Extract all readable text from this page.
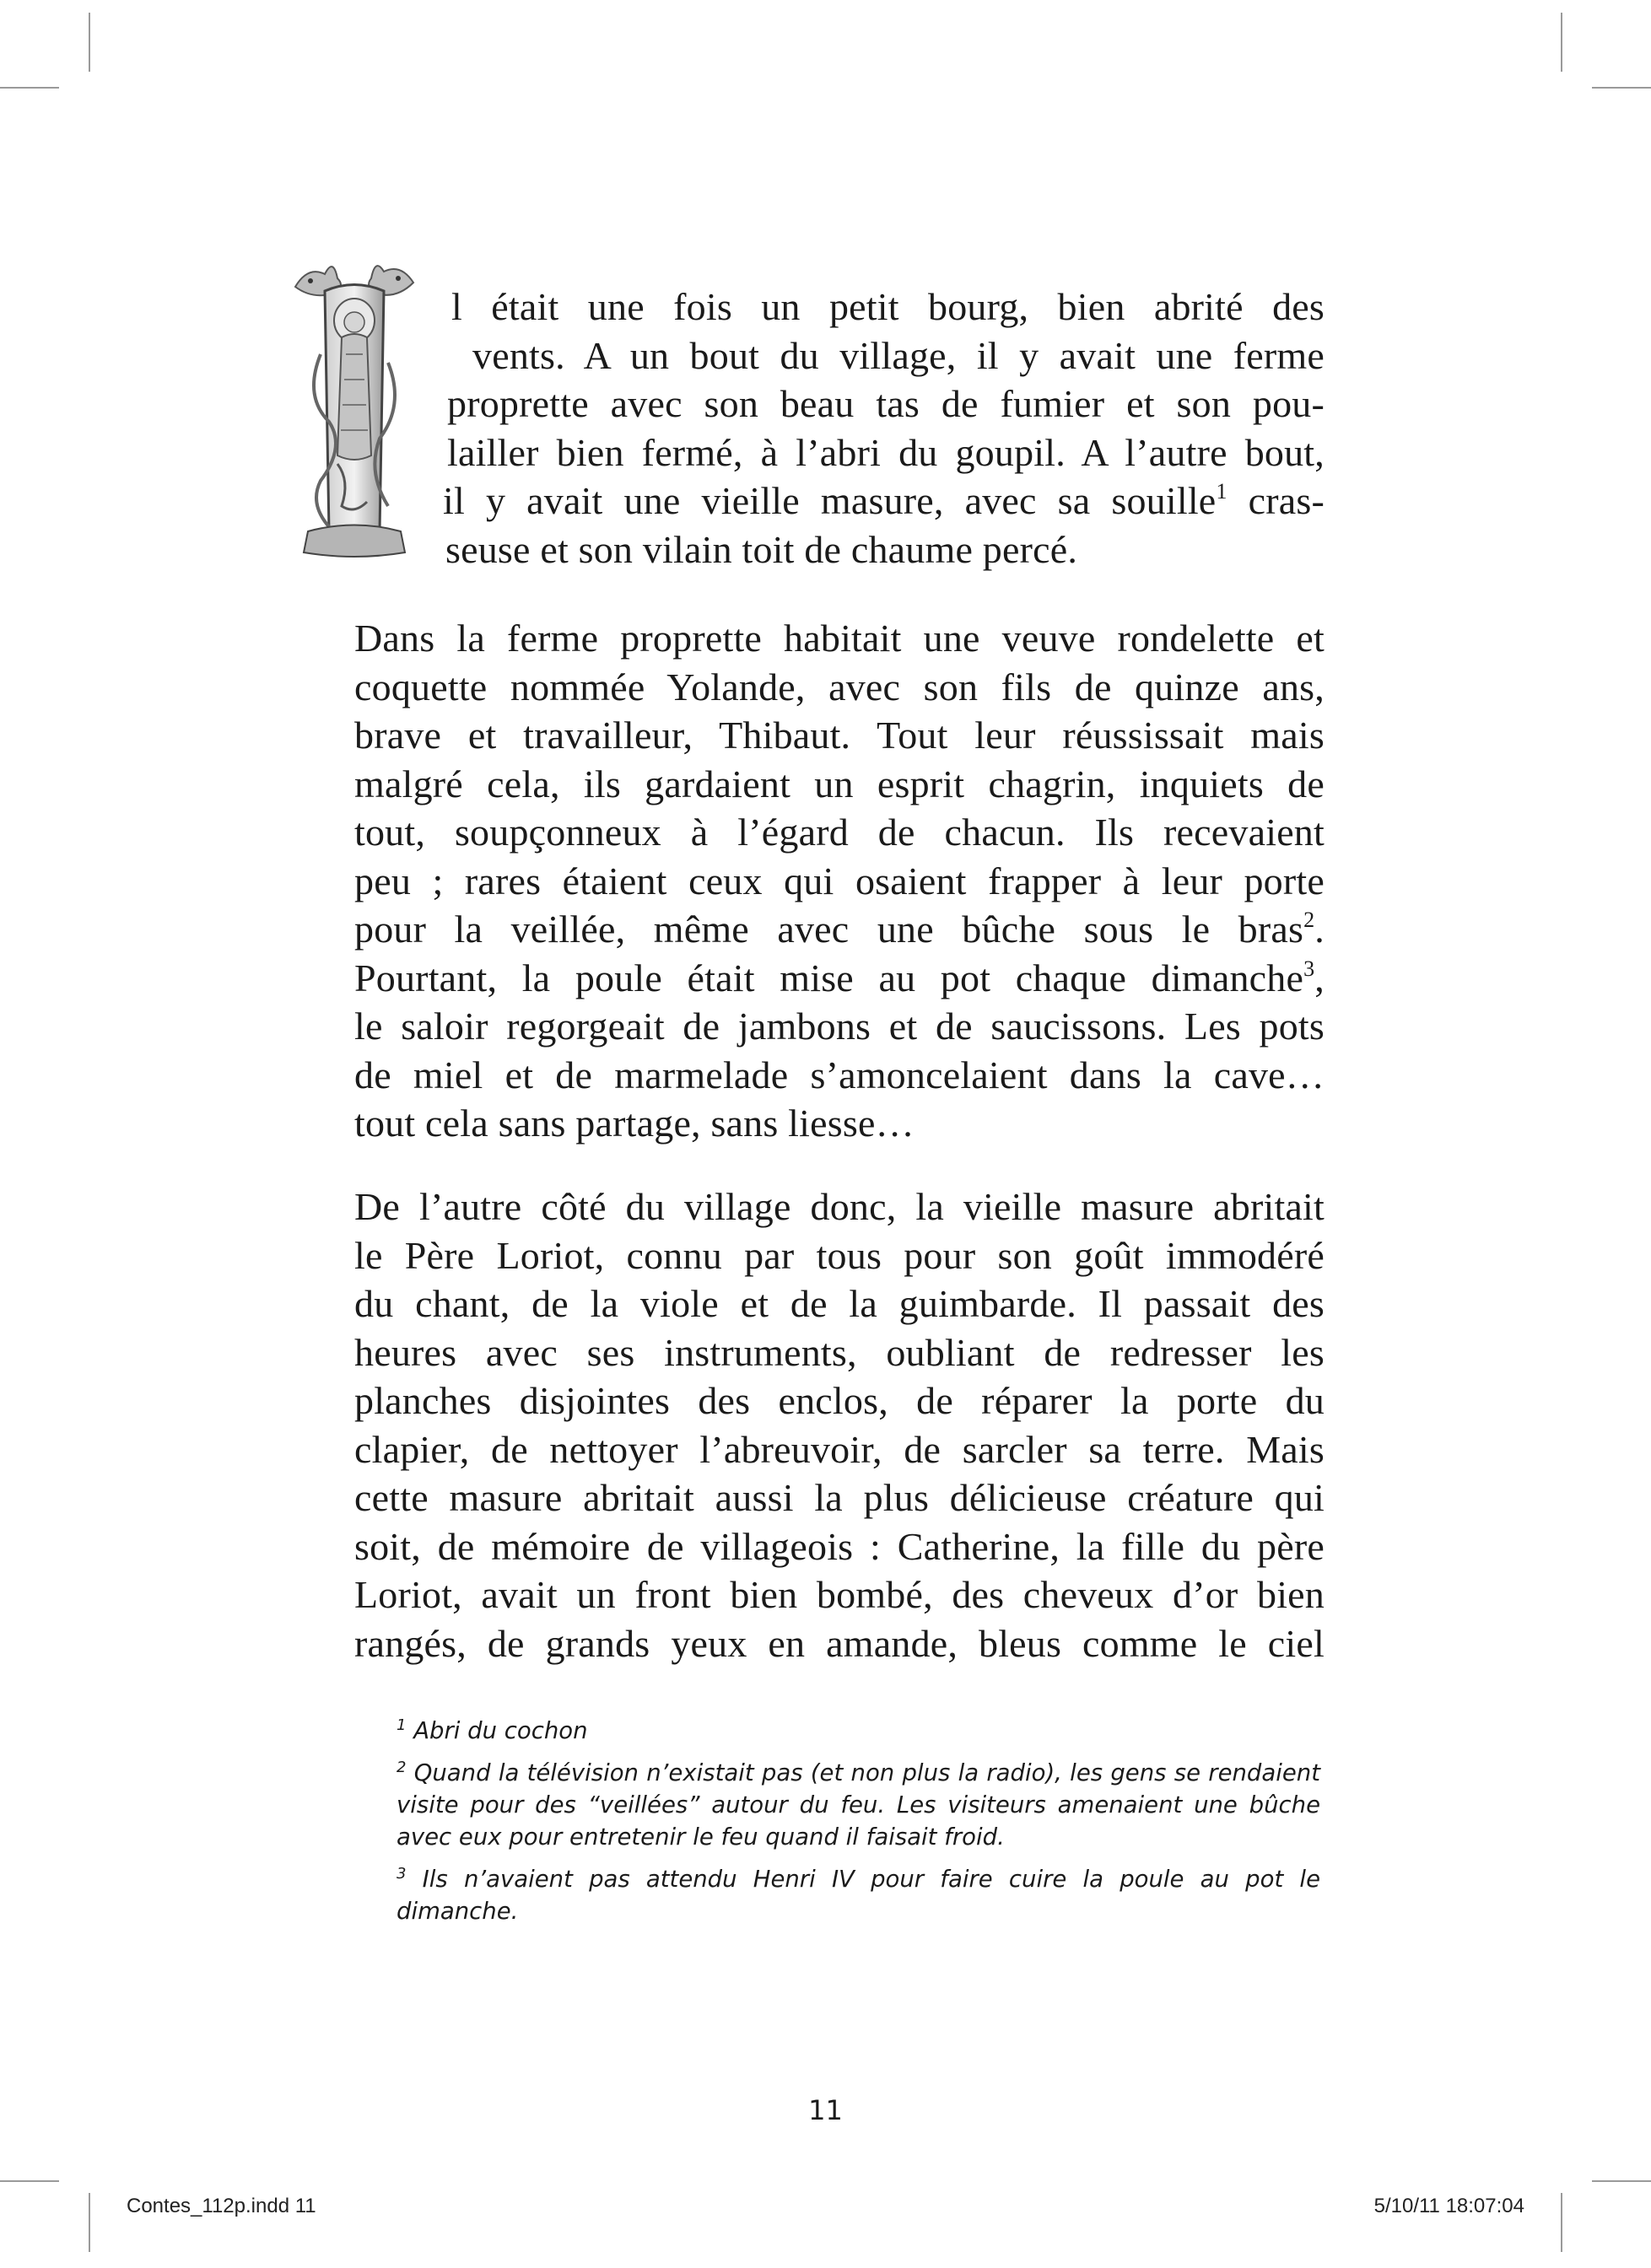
l était une fois un petit bourg, bien abrité des
vents. A un bout du village, il y avait une ferme
proprette avec son beau tas de fumier et son pou-
lailler bien fermé, à l’abri du goupil. A l’autre bout,
il y avait une vieille masure, avec sa souille$^1$ cras-
seuse et son vilain toit de chaume percé.
Dans la ferme proprette habitait une veuve rondelette et
coquette nommée Yolande, avec son fils de quinze ans,
brave et travailleur, Thibaut. Tout leur réussissait mais
malgré cela, ils gardaient un esprit chagrin, inquiets de
tout, soupçonneux à l’égard de chacun. Ils recevaient
peu ; rares étaient ceux qui osaient frapper à leur porte
pour la veillée, même avec une bûche sous le bras$^2$.
Pourtant, la poule était mise au pot chaque dimanche$^3$,
le saloir regorgeait de jambons et de saucissons. Les pots
de miel et de marmelade s’amoncelaient dans la cave…
tout cela sans partage, sans liesse…
De l’autre côté du village donc, la vieille masure abritait
le Père Loriot, connu par tous pour son goût immodéré
du chant, de la viole et de la guimbarde. Il passait des
heures avec ses instruments, oubliant de redresser les
planches disjointes des enclos, de réparer la porte du
clapier, de nettoyer l’abreuvoir, de sarcler sa terre. Mais
cette masure abritait aussi la plus délicieuse créature qui
soit, de mémoire de villageois : Catherine, la fille du père
Loriot, avait un front bien bombé, des cheveux d’or bien
rangés, de grands yeux en amande, bleus comme le ciel

$^1$ Abri du cochon

$^2$ Quand la télévision n’existait pas (et non plus la radio), les gens se rendaient visite pour des “veillées” autour du feu. Les visiteurs amenaient une bûche avec eux pour entretenir le feu quand il faisait froid.

$^3$ Ils n’avaient pas attendu Henri IV pour faire cuire la poule au pot le dimanche.

11
Contes_112p.indd 11	5/10/11 18:07:04
